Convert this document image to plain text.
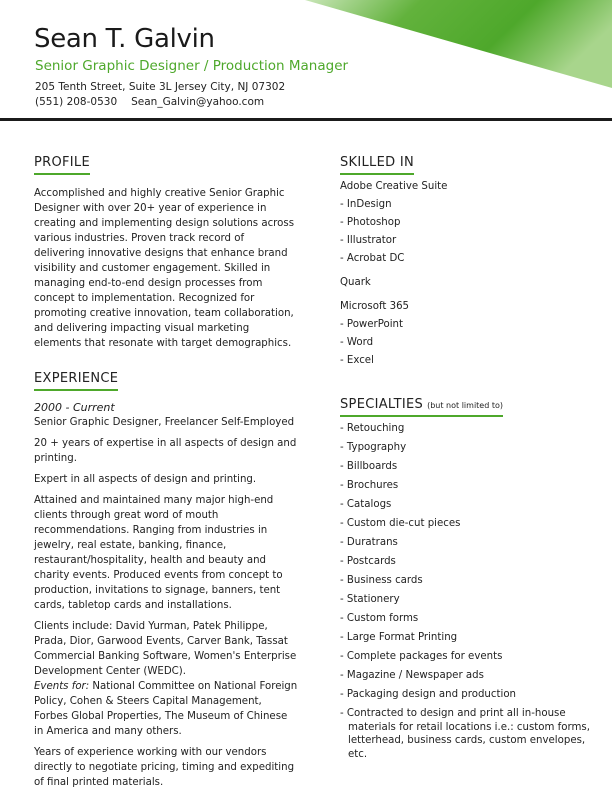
Sean T. Galvin
Senior Graphic Designer / Production Manager
205 Tenth Street, Suite 3L Jersey City, NJ 07302
(551) 208-0530 Sean_Galvin@yahoo.com
PROFILE

Accomplished and highly creative Senior Graphic Designer with over 20+ year of experience in creating and implementing design solutions across various industries. Proven track record of delivering innovative designs that enhance brand visibility and customer engagement. Skilled in managing end-to-end design processes from concept to implementation. Recognized for promoting creative innovation, team collaboration, and delivering impacting visual marketing elements that resonate with target demographics.

EXPERIENCE
2000 - Current

Senior Graphic Designer, Freelancer Self-Employed

20 + years of expertise in all aspects of design and printing.

Expert in all aspects of design and printing.

Attained and maintained many major high-end clients through great word of mouth recommendations. Ranging from industries in jewelry, real estate, banking, finance, restaurant/hospitality, health and beauty and charity events. Produced events from concept to production, invitations to signage, banners, tent cards, tabletop cards and installations.

Clients include: David Yurman, Patek Philippe, Prada, Dior, Garwood Events, Carver Bank, Tassat Commercial Banking Software, Women's Enterprise Development Center (WEDC).
Events for: National Committee on National Foreign Policy, Cohen & Steers Capital Management, Forbes Global Properties, The Museum of Chinese in America and many others.

Years of experience working with our vendors directly to negotiate pricing, timing and expediting of final printed materials.

SKILLED IN
Adobe Creative Suite
- InDesign
- Photoshop
- Illustrator
- Acrobat DC
Quark
Microsoft 365
- PowerPoint
- Word
- Excel
SPECIALTIES (but not limited to)
- Retouching
- Typography
- Billboards
- Brochures
- Catalogs
- Custom die-cut pieces
- Duratrans
- Postcards
- Business cards
- Stationery
- Custom forms
- Large Format Printing
- Complete packages for events
- Magazine / Newspaper ads
- Packaging design and production
- Contracted to design and print all in-house materials for retail locations i.e.: custom forms, letterhead, business cards, custom envelopes, etc.
